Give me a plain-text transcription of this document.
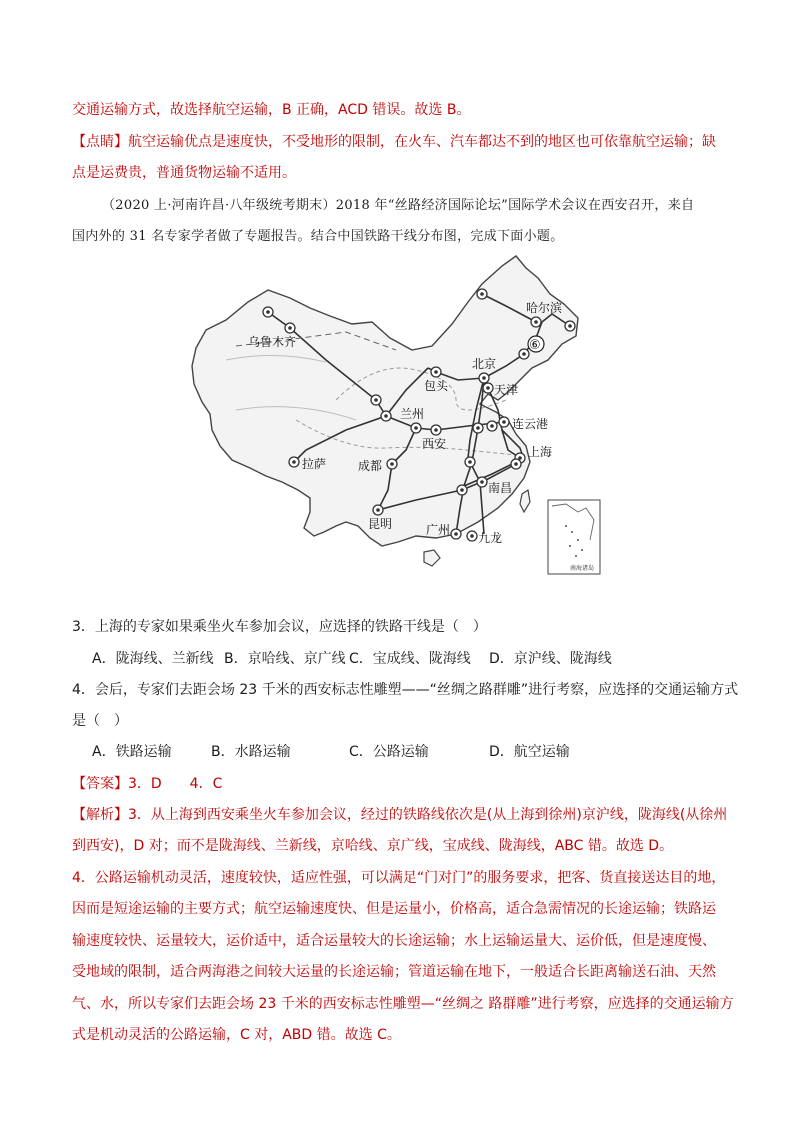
交通运输方式，故选择航空运输，B 正确，ACD 错误。故选 B。
【点睛】航空运输优点是速度快，不受地形的限制，在火车、汽车都达不到的地区也可依靠航空运输；缺
点是运费贵，普通货物运输不适用。
（2020 上·河南许昌·八年级统考期末）2018 年“丝路经济国际论坛”国际学术会议在西安召开，来自
国内外的 31 名专家学者做了专题报告。结合中国铁路干线分布图，完成下面小题。
哈尔滨
乌鲁木齐
北京
包头	天津
兰州
连云港
西安
上海
拉萨	成都
南昌
昆明	广州
九龙
⑥
南海诸岛
3．上海的专家如果乘坐火车参加会议，应选择的铁路干线是（　）
A．陇海线、兰新线 B．京哈线、京广线 C．宝成线、陇海线 D．京沪线、陇海线
4．会后，专家们去距会场 23 千米的西安标志性雕塑——“丝绸之路群雕”进行考察，应选择的交通运输方式
是（　）
A．铁路运输	B．水路运输	C．公路运输	D．航空运输
【答案】3．D　　4．C
【解析】3．从上海到西安乘坐火车参加会议，经过的铁路线依次是(从上海到徐州)京沪线，陇海线(从徐州
到西安)，D 对；而不是陇海线、兰新线，京哈线、京广线，宝成线、陇海线，ABC 错。故选 D。
4．公路运输机动灵活，速度较快，适应性强，可以满足“门对门”的服务要求，把客、货直接送达目的地，
因而是短途运输的主要方式；航空运输速度快、但是运量小，价格高，适合急需情况的长途运输；铁路运
输速度较快、运量较大，运价适中，适合运量较大的长途运输；水上运输运量大、运价低，但是速度慢、
受地域的限制，适合两海港之间较大运量的长途运输；管道运输在地下，一般适合长距离输送石油、天然
气、水，所以专家们去距会场 23 千米的西安标志性雕塑—“丝绸之 路群雕”进行考察，应选择的交通运输方
式是机动灵活的公路运输，C 对，ABD 错。故选 C。
